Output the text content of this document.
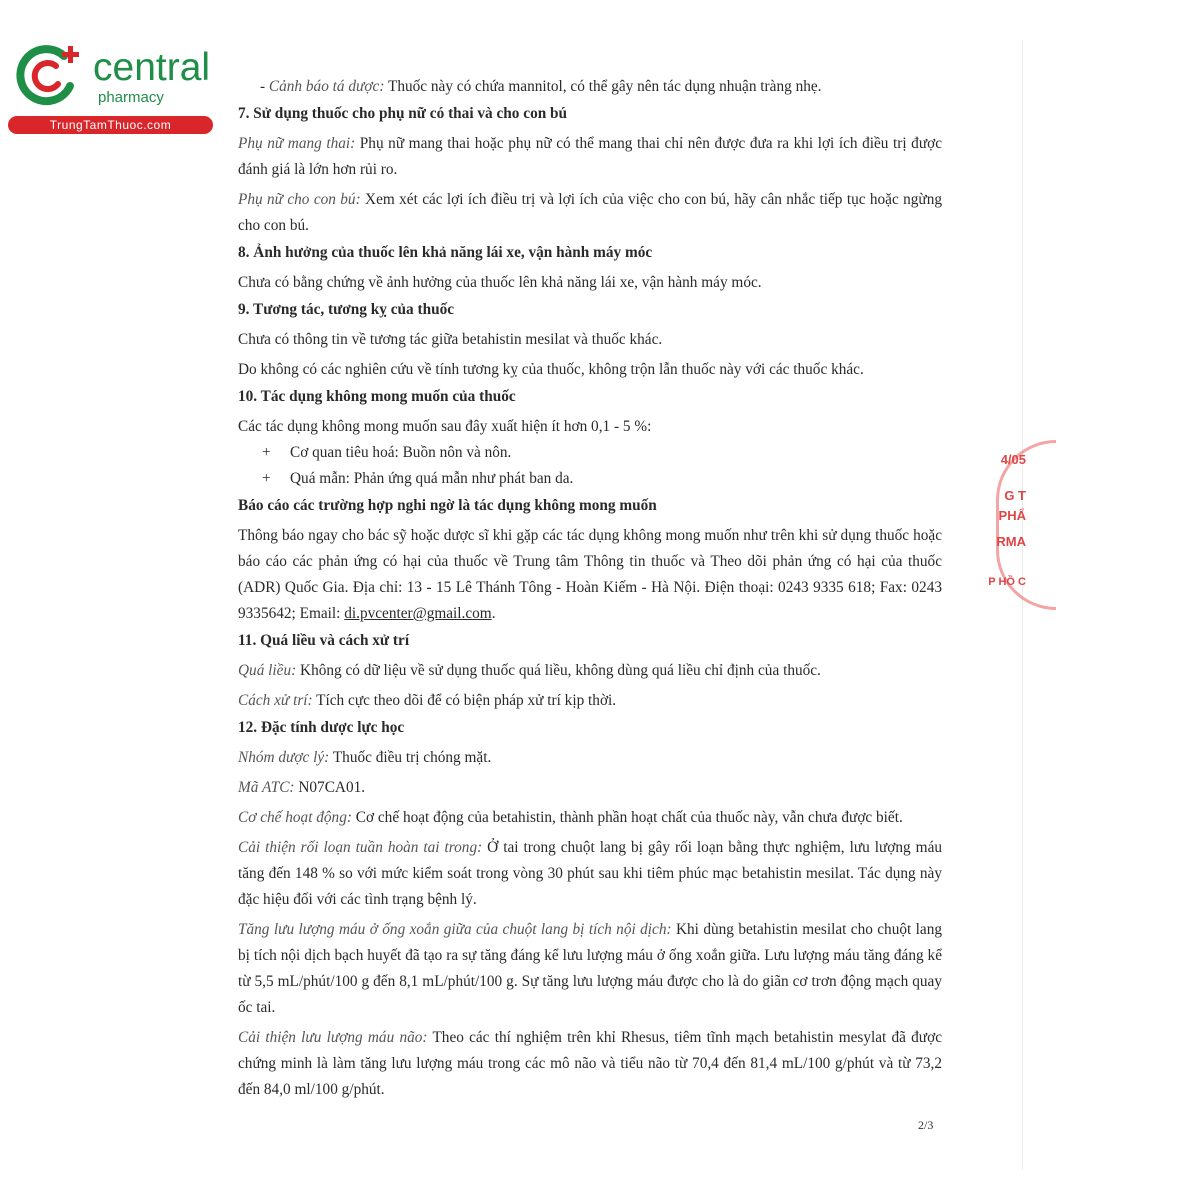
central
pharmacy
TrungTamThuoc.com

- Cảnh báo tá dược: Thuốc này có chứa mannitol, có thể gây nên tác dụng nhuận tràng nhẹ.

7. Sử dụng thuốc cho phụ nữ có thai và cho con bú

Phụ nữ mang thai: Phụ nữ mang thai hoặc phụ nữ có thể mang thai chỉ nên được đưa ra khi lợi ích điều trị được đánh giá là lớn hơn rủi ro.

Phụ nữ cho con bú: Xem xét các lợi ích điều trị và lợi ích của việc cho con bú, hãy cân nhắc tiếp tục hoặc ngừng cho con bú.

8. Ảnh hưởng của thuốc lên khả năng lái xe, vận hành máy móc

Chưa có bằng chứng về ảnh hưởng của thuốc lên khả năng lái xe, vận hành máy móc.

9. Tương tác, tương kỵ của thuốc

Chưa có thông tin về tương tác giữa betahistin mesilat và thuốc khác.

Do không có các nghiên cứu về tính tương kỵ của thuốc, không trộn lẫn thuốc này với các thuốc khác.

10. Tác dụng không mong muốn của thuốc

Các tác dụng không mong muốn sau đây xuất hiện ít hơn 0,1 - 5 %:

+	Cơ quan tiêu hoá: Buồn nôn và nôn.

+	Quá mẫn: Phản ứng quá mẫn như phát ban da.

Báo cáo các trường hợp nghi ngờ là tác dụng không mong muốn

Thông báo ngay cho bác sỹ hoặc dược sĩ khi gặp các tác dụng không mong muốn như trên khi sử dụng thuốc hoặc báo cáo các phản ứng có hại của thuốc về Trung tâm Thông tin thuốc và Theo dõi phản ứng có hại của thuốc (ADR) Quốc Gia. Địa chỉ: 13 - 15 Lê Thánh Tông - Hoàn Kiếm - Hà Nội. Điện thoại: 0243 9335 618; Fax: 0243 9335642; Email: di.pvcenter@gmail.com.

11. Quá liều và cách xử trí

Quá liều: Không có dữ liệu về sử dụng thuốc quá liều, không dùng quá liều chỉ định của thuốc.

Cách xử trí: Tích cực theo dõi để có biện pháp xử trí kịp thời.

12. Đặc tính dược lực học

Nhóm dược lý: Thuốc điều trị chóng mặt.

Mã ATC: N07CA01.

Cơ chế hoạt động: Cơ chế hoạt động của betahistin, thành phần hoạt chất của thuốc này, vẫn chưa được biết.

Cải thiện rối loạn tuần hoàn tai trong: Ở tai trong chuột lang bị gây rối loạn bằng thực nghiệm, lưu lượng máu tăng đến 148 % so với mức kiểm soát trong vòng 30 phút sau khi tiêm phúc mạc betahistin mesilat. Tác dụng này đặc hiệu đối với các tình trạng bệnh lý.

Tăng lưu lượng máu ở ống xoắn giữa của chuột lang bị tích nội dịch: Khi dùng betahistin mesilat cho chuột lang bị tích nội dịch bạch huyết đã tạo ra sự tăng đáng kể lưu lượng máu ở ống xoắn giữa. Lưu lượng máu tăng đáng kể từ 5,5 mL/phút/100 g đến 8,1 mL/phút/100 g. Sự tăng lưu lượng máu được cho là do giãn cơ trơn động mạch quay ốc tai.

Cải thiện lưu lượng máu não: Theo các thí nghiệm trên khỉ Rhesus, tiêm tĩnh mạch betahistin mesylat đã được chứng minh là làm tăng lưu lượng máu trong các mô não và tiểu não từ 70,4 đến 81,4 mL/100 g/phút và từ 73,2 đến 84,0 ml/100 g/phút.

2/3
4/05
G T
PHẨ
RMA
P HỒ C
